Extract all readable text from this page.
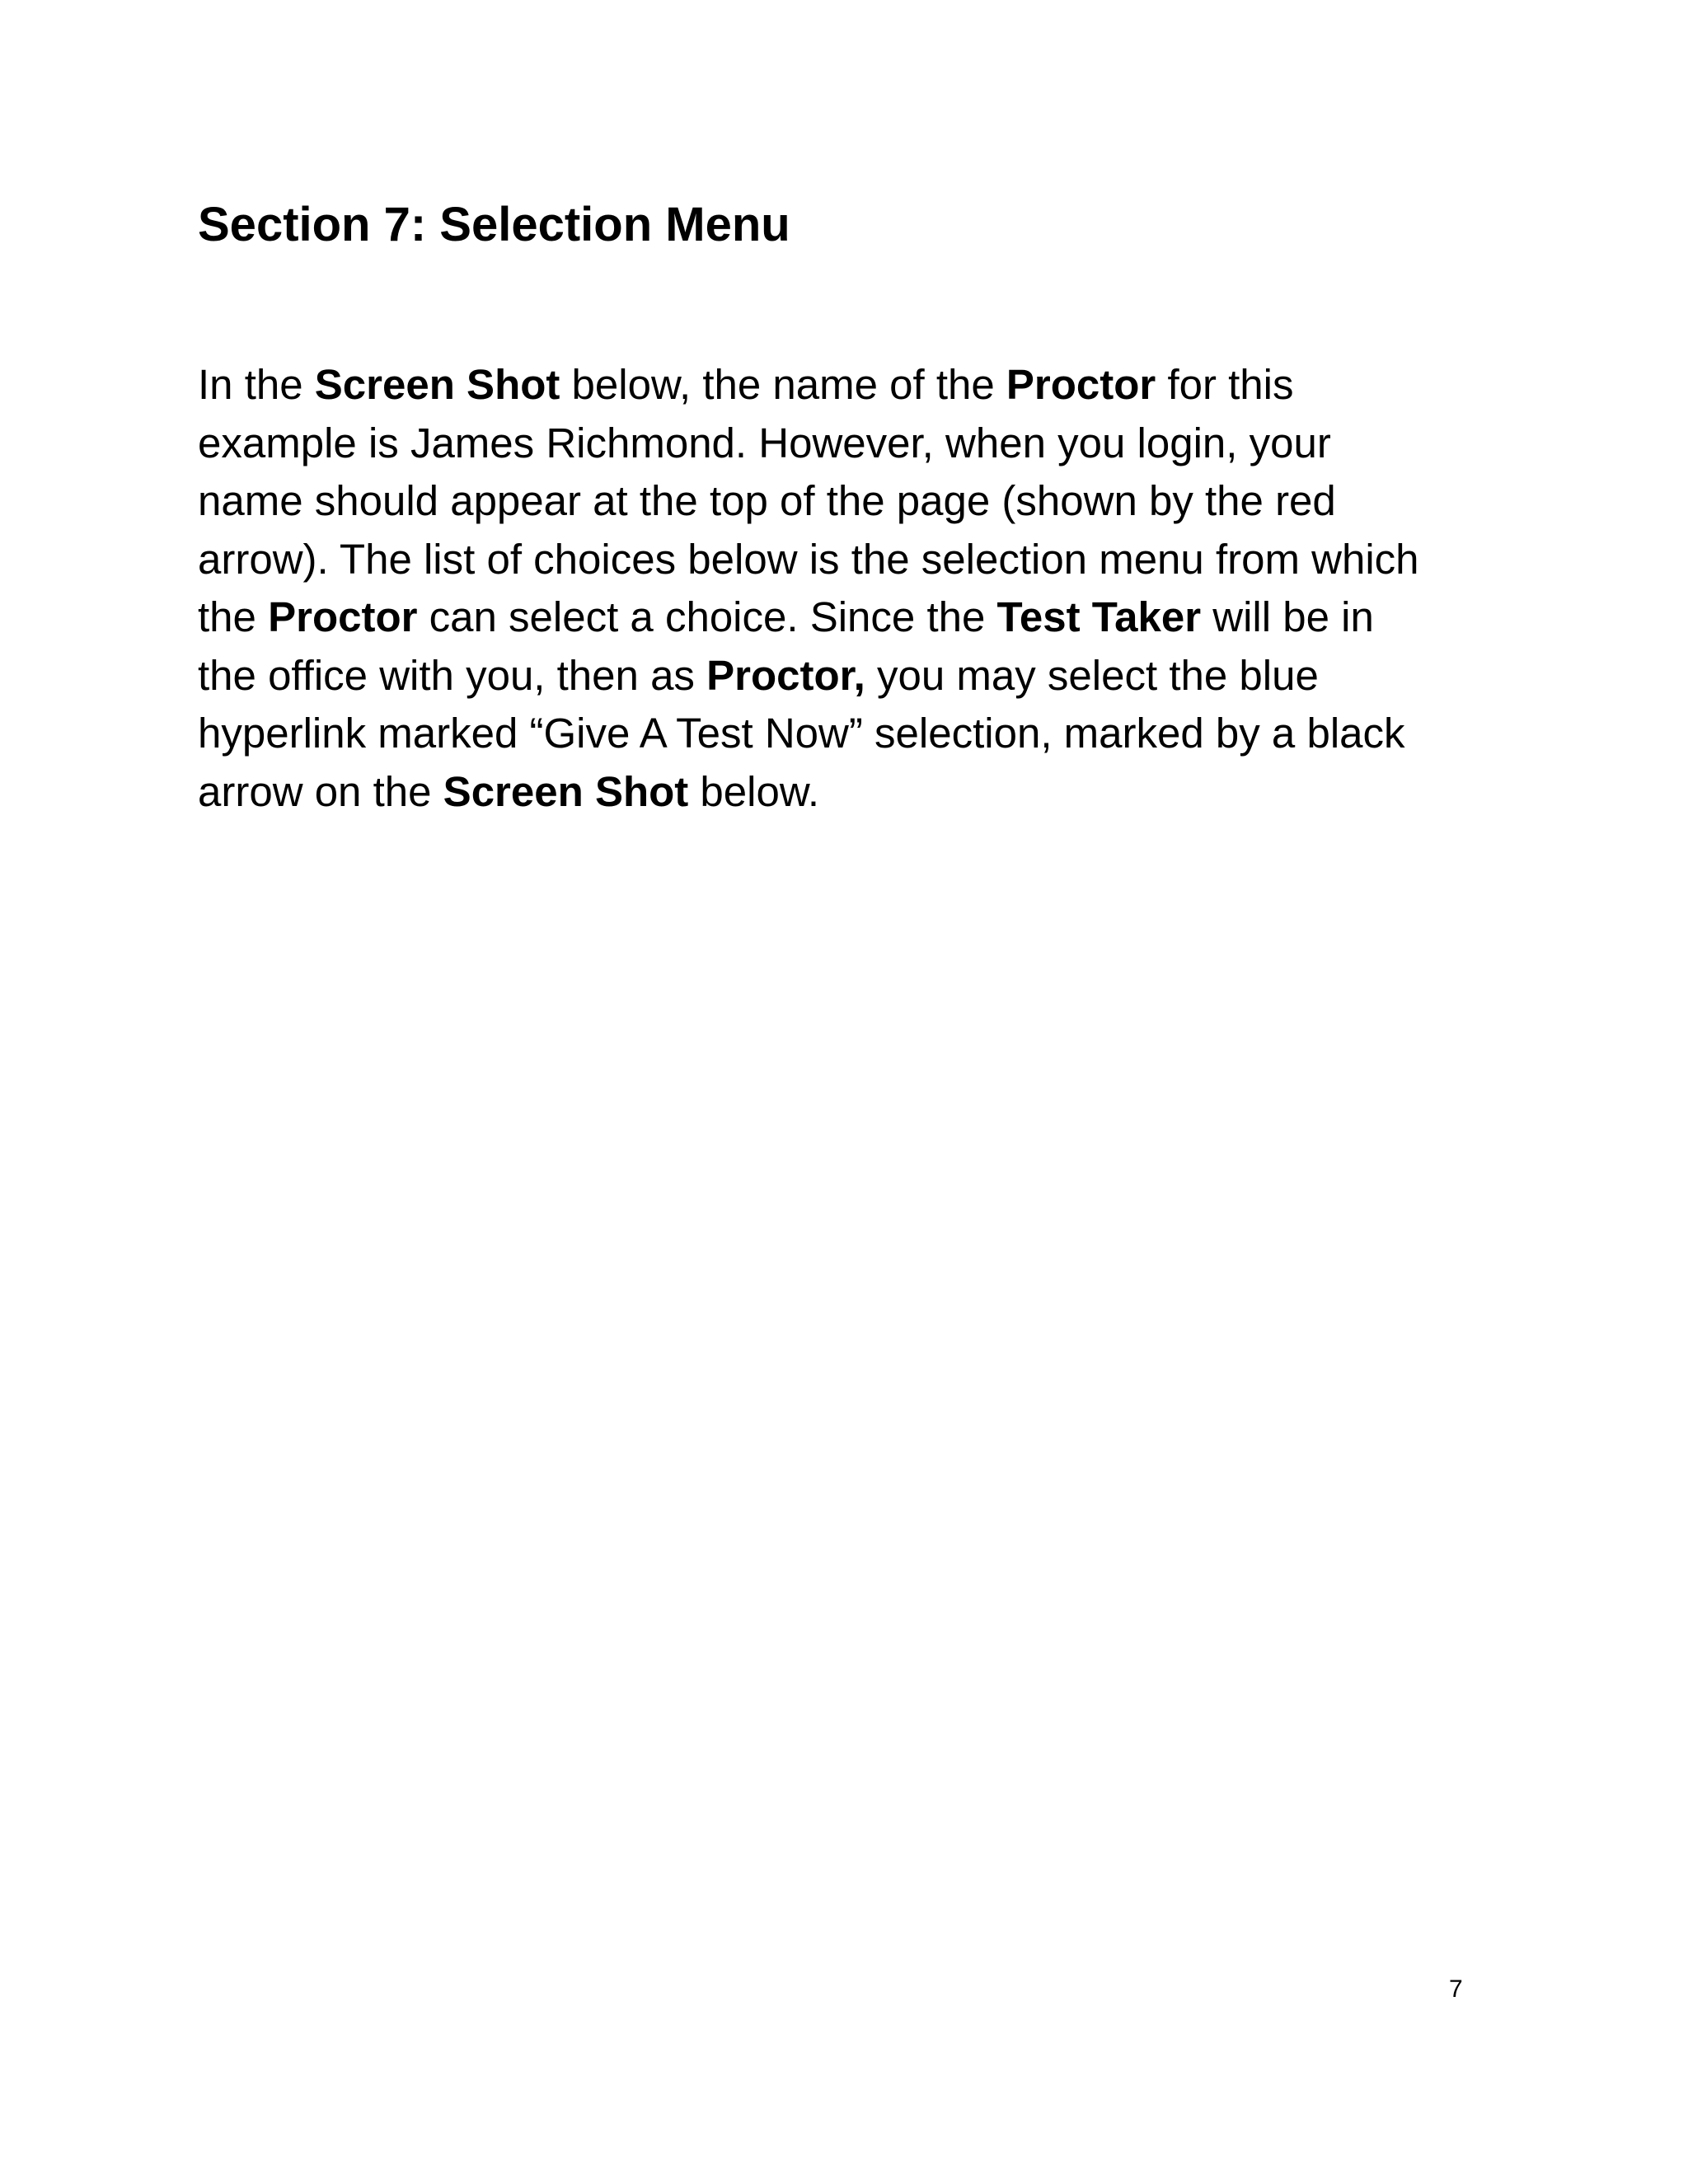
Section 7: Selection Menu

In the Screen Shot below, the name of the Proctor for this
example is James Richmond. However, when you login, your
name should appear at the top of the page (shown by the red
arrow). The list of choices below is the selection menu from which
the Proctor can select a choice. Since the Test Taker will be in
the office with you, then as Proctor, you may select the blue
hyperlink marked “Give A Test Now” selection, marked by a black
arrow on the Screen Shot below.

7
